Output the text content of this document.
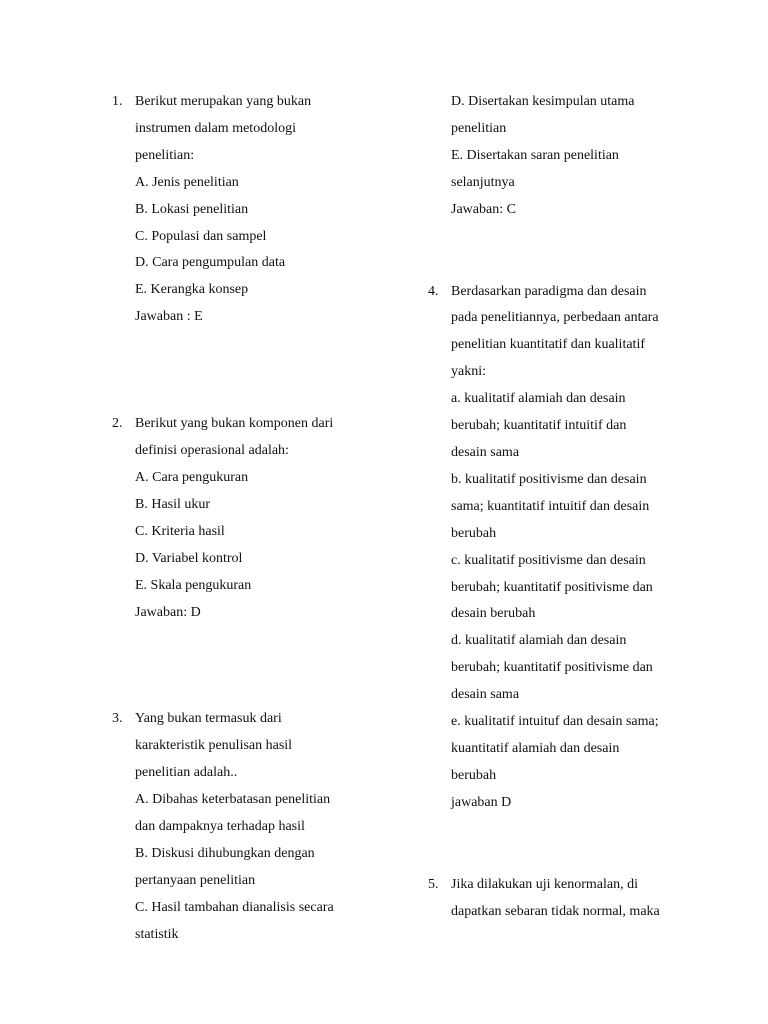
1. Berikut merupakan yang bukan
instrumen dalam metodologi
penelitian:
A. Jenis penelitian
B. Lokasi penelitian
C. Populasi dan sampel
D. Cara pengumpulan data
E. Kerangka konsep
Jawaban : E
2. Berikut yang bukan komponen dari
definisi operasional adalah:
A. Cara pengukuran
B. Hasil ukur
C. Kriteria hasil
D. Variabel kontrol
E. Skala pengukuran
Jawaban: D
3. Yang bukan termasuk dari
karakteristik penulisan hasil
penelitian adalah..
A. Dibahas keterbatasan penelitian
dan dampaknya terhadap hasil
B. Diskusi dihubungkan dengan
pertanyaan penelitian
C. Hasil tambahan dianalisis secara
statistik
D. Disertakan kesimpulan utama
penelitian
E. Disertakan saran penelitian
selanjutnya
Jawaban: C
4. Berdasarkan paradigma dan desain
pada penelitiannya, perbedaan antara
penelitian kuantitatif dan kualitatif
yakni:
a. kualitatif alamiah dan desain
berubah; kuantitatif intuitif dan
desain sama
b. kualitatif positivisme dan desain
sama; kuantitatif intuitif dan desain
berubah
c. kualitatif positivisme dan desain
berubah; kuantitatif positivisme dan
desain berubah
d. kualitatif alamiah dan desain
berubah; kuantitatif positivisme dan
desain sama
e. kualitatif intuituf dan desain sama;
kuantitatif alamiah dan desain
berubah
jawaban D
5. Jika dilakukan uji kenormalan, di
dapatkan sebaran tidak normal, maka
